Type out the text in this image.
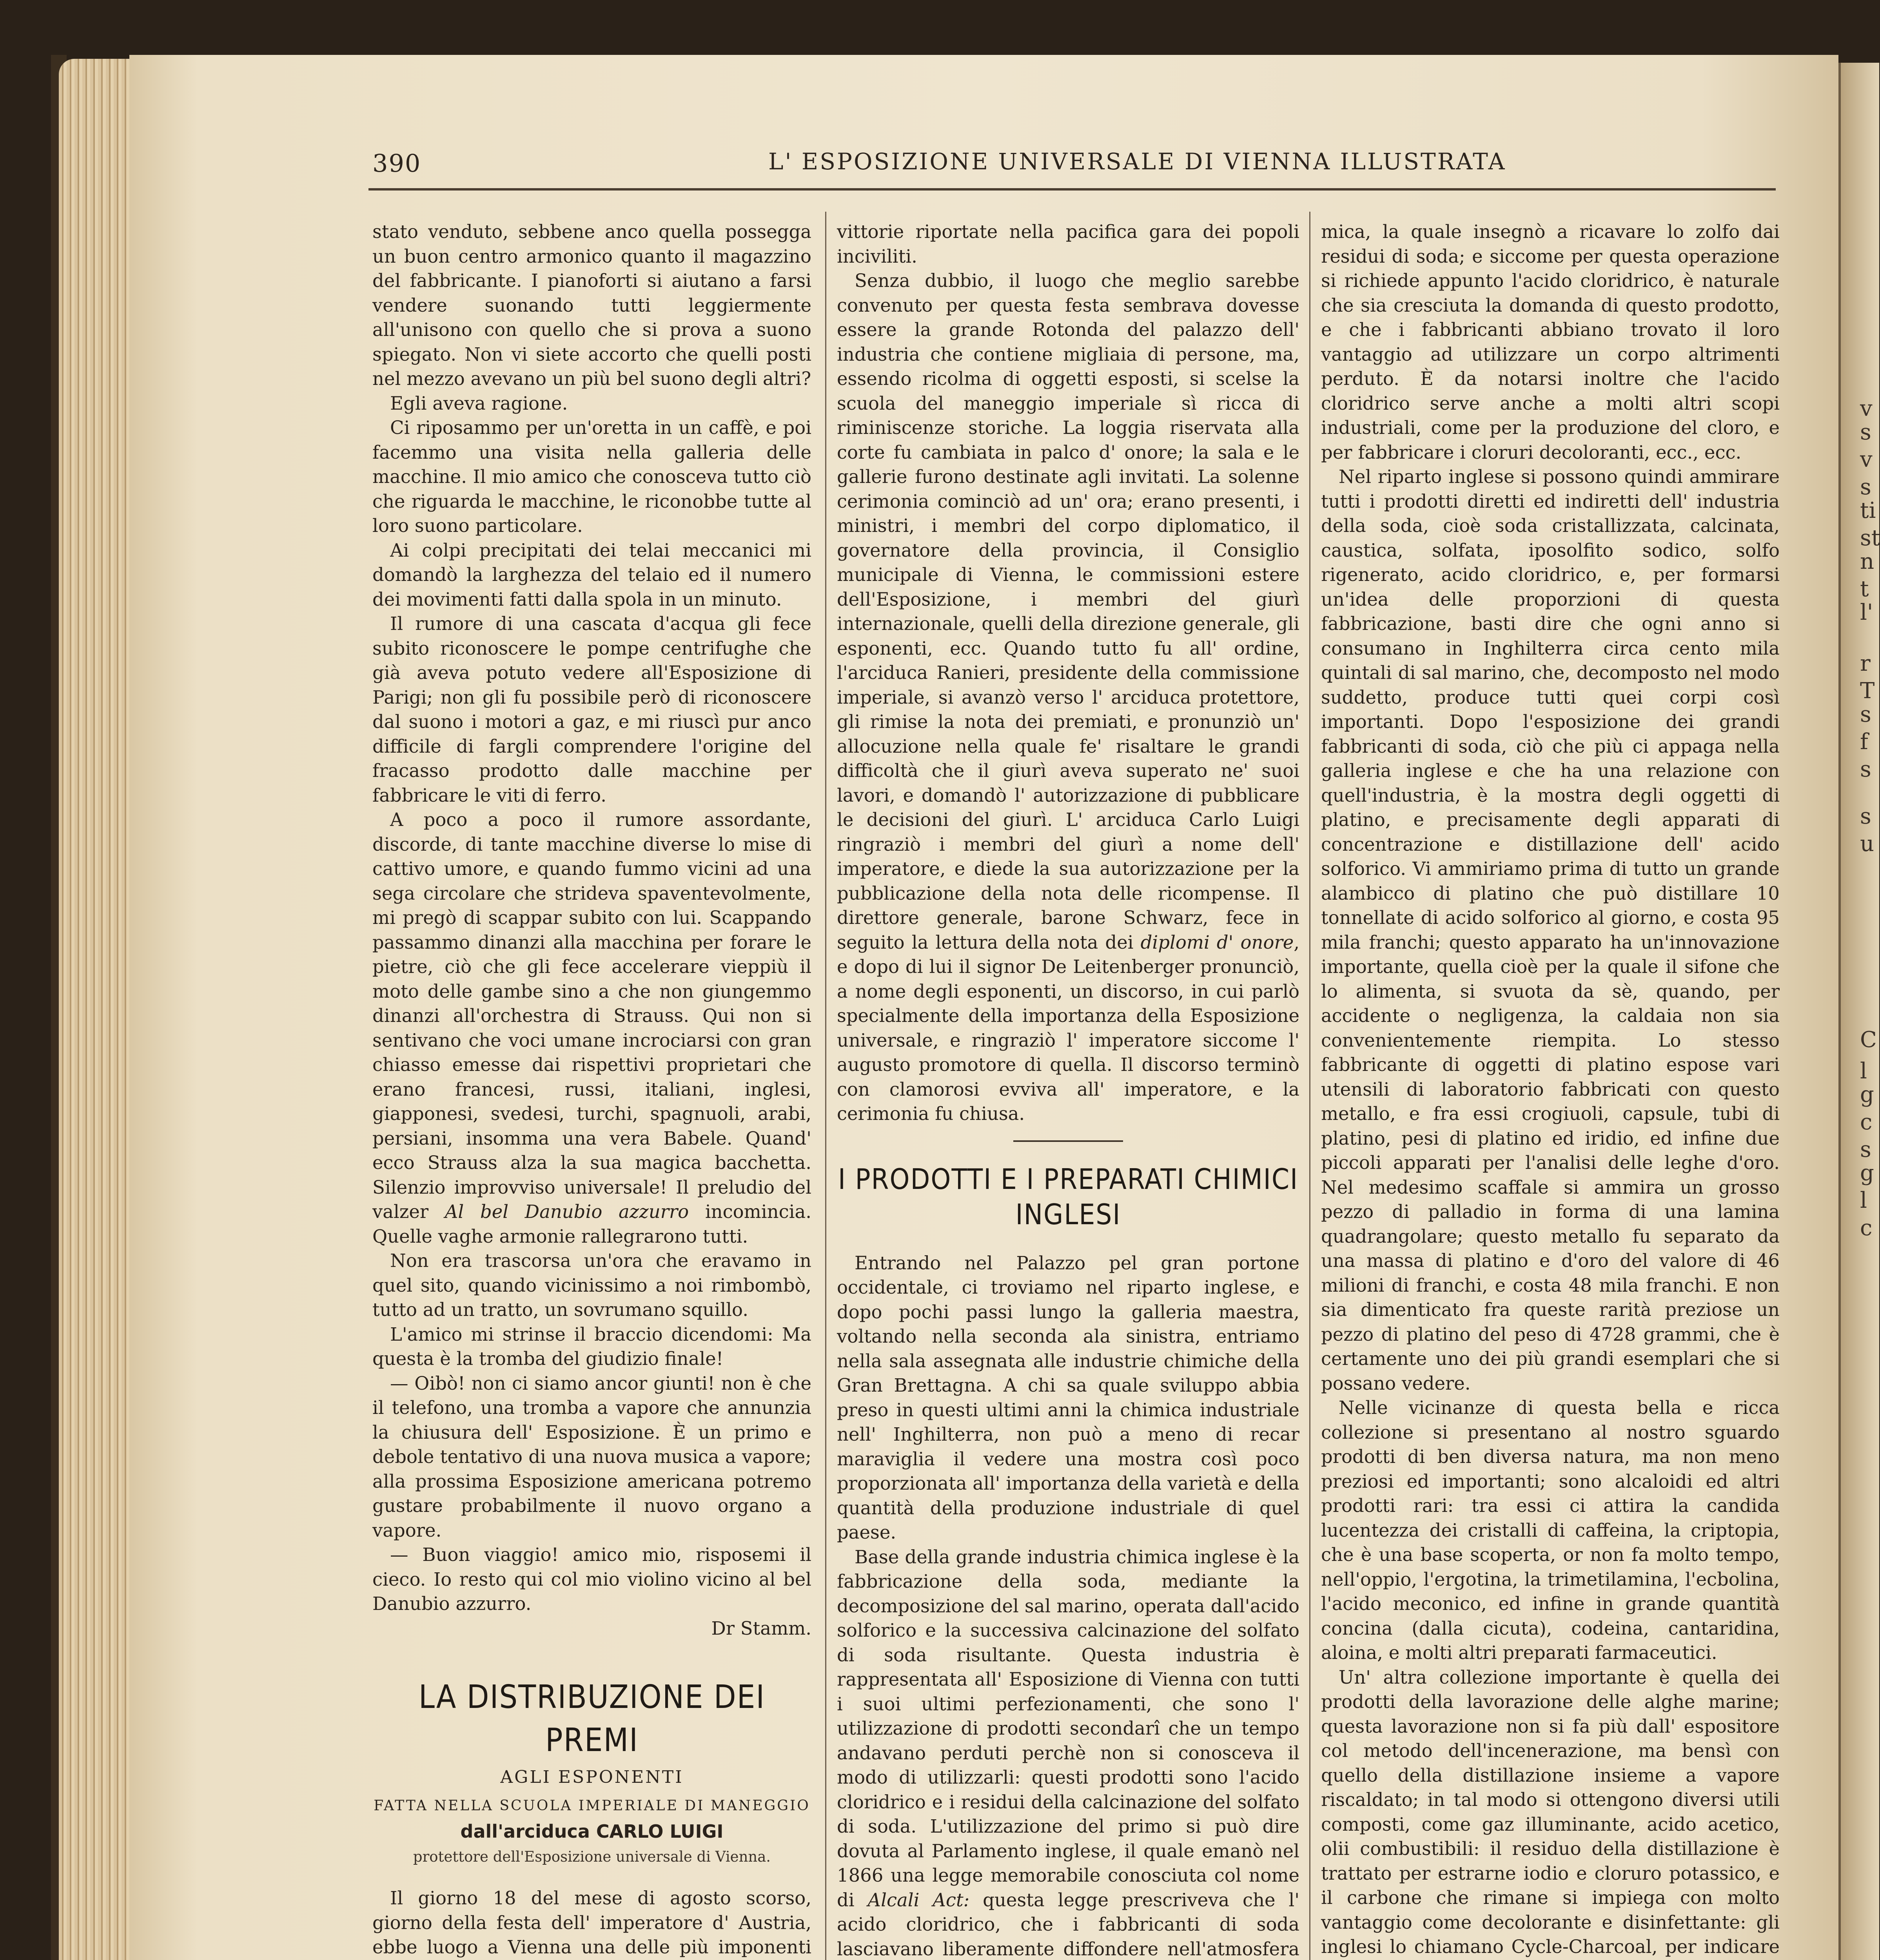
390	L' ESPOSIZIONE UNIVERSALE DI VIENNA ILLUSTRATA

stato venduto, sebbene anco quella possegga un buon centro armonico quanto il magazzino del fabbricante. I pianoforti si aiutano a farsi vendere suonando tutti leggiermente all'unisono con quello che si prova a suono spiegato. Non vi siete accorto che quelli posti nel mezzo avevano un più bel suono degli altri?

Egli aveva ragione.

Ci riposammo per un'oretta in un caffè, e poi facemmo una visita nella galleria delle macchine. Il mio amico che conosceva tutto ciò che riguarda le macchine, le riconobbe tutte al loro suono particolare.

Ai colpi precipitati dei telai meccanici mi domandò la larghezza del telaio ed il numero dei movimenti fatti dalla spola in un minuto.

Il rumore di una cascata d'acqua gli fece subito riconoscere le pompe centrifughe che già aveva potuto vedere all'Esposizione di Parigi; non gli fu possibile però di riconoscere dal suono i motori a gaz, e mi riuscì pur anco difficile di fargli comprendere l'origine del fracasso prodotto dalle macchine per fabbricare le viti di ferro.

A poco a poco il rumore assordante, discorde, di tante macchine diverse lo mise di cattivo umore, e quando fummo vicini ad una sega circolare che strideva spaventevolmente, mi pregò di scappar subito con lui. Scappando passammo dinanzi alla macchina per forare le pietre, ciò che gli fece accelerare vieppiù il moto delle gambe sino a che non giungemmo dinanzi all'orchestra di Strauss. Qui non si sentivano che voci umane incrociarsi con gran chiasso emesse dai rispettivi proprietari che erano francesi, russi, italiani, inglesi, giapponesi, svedesi, turchi, spagnuoli, arabi, persiani, insomma una vera Babele. Quand' ecco Strauss alza la sua magica bacchetta. Silenzio improvviso universale! Il preludio del valzer Al bel Danubio azzurro incomincia. Quelle vaghe armonie rallegrarono tutti.

Non era trascorsa un'ora che eravamo in quel sito, quando vicinissimo a noi rimbombò, tutto ad un tratto, un sovrumano squillo.

L'amico mi strinse il braccio dicendomi: Ma questa è la tromba del giudizio finale!

— Oibò! non ci siamo ancor giunti! non è che il telefono, una tromba a vapore che annunzia la chiusura dell' Esposizione. È un primo e debole tentativo di una nuova musica a vapore; alla prossima Esposizione americana potremo gustare probabilmente il nuovo organo a vapore.

— Buon viaggio! amico mio, risposemi il cieco. Io resto qui col mio violino vicino al bel Danubio azzurro.

Dr Stamm.
LA DISTRIBUZIONE DEI PREMI
AGLI ESPONENTI
FATTA NELLA SCUOLA IMPERIALE DI MANEGGIO
dall'arciduca CARLO LUIGI
protettore dell'Esposizione universale di Vienna.

Il giorno 18 del mese di agosto scorso, giorno della festa dell' imperatore d' Austria, ebbe luogo a Vienna una delle più imponenti

vittorie riportate nella pacifica gara dei popoli inciviliti.

Senza dubbio, il luogo che meglio sarebbe convenuto per questa festa sembrava dovesse essere la grande Rotonda del palazzo dell' industria che contiene migliaia di persone, ma, essendo ricolma di oggetti esposti, si scelse la scuola del maneggio imperiale sì ricca di riminiscenze storiche. La loggia riservata alla corte fu cambiata in palco d' onore; la sala e le gallerie furono destinate agli invitati. La solenne cerimonia cominciò ad un' ora; erano presenti, i ministri, i membri del corpo diplomatico, il governatore della provincia, il Consiglio municipale di Vienna, le commissioni estere dell'Esposizione, i membri del giurì internazionale, quelli della direzione generale, gli esponenti, ecc. Quando tutto fu all' ordine, l'arciduca Ranieri, presidente della commissione imperiale, si avanzò verso l' arciduca protettore, gli rimise la nota dei premiati, e pronunziò un' allocuzione nella quale fe' risaltare le grandi difficoltà che il giurì aveva superato ne' suoi lavori, e domandò l' autorizzazione di pubblicare le decisioni del giurì. L' arciduca Carlo Luigi ringraziò i membri del giurì a nome dell' imperatore, e diede la sua autorizzazione per la pubblicazione della nota delle ricompense. Il direttore generale, barone Schwarz, fece in seguito la lettura della nota dei diplomi d' onore, e dopo di lui il signor De Leitenberger pronunciò, a nome degli esponenti, un discorso, in cui parlò specialmente della importanza della Esposizione universale, e ringraziò l' imperatore siccome l' augusto promotore di quella. Il discorso terminò con clamorosi evviva all' imperatore, e la cerimonia fu chiusa.

I PRODOTTI E I PREPARATI CHIMICI INGLESI

Entrando nel Palazzo pel gran portone occidentale, ci troviamo nel riparto inglese, e dopo pochi passi lungo la galleria maestra, voltando nella seconda ala sinistra, entriamo nella sala assegnata alle industrie chimiche della Gran Brettagna. A chi sa quale sviluppo abbia preso in questi ultimi anni la chimica industriale nell' Inghilterra, non può a meno di recar maraviglia il vedere una mostra così poco proporzionata all' importanza della varietà e della quantità della produzione industriale di quel paese.

Base della grande industria chimica inglese è la fabbricazione della soda, mediante la decomposizione del sal marino, operata dall'acido solforico e la successiva calcinazione del solfato di soda risultante. Questa industria è rappresentata all' Esposizione di Vienna con tutti i suoi ultimi perfezionamenti, che sono l' utilizzazione di prodotti secondarî che un tempo andavano perduti perchè non si conosceva il modo di utilizzarli: questi prodotti sono l'acido cloridrico e i residui della calcinazione del solfato di soda. L'utilizzazione del primo si può dire dovuta al Parlamento inglese, il quale emanò nel 1866 una legge memorabile conosciuta col nome di Alcali Act: questa legge prescriveva che l' acido cloridrico, che i fabbricanti di soda lasciavano liberamente diffondere nell'atmosfera

mica, la quale insegnò a ricavare lo zolfo dai residui di soda; e siccome per questa operazione si richiede appunto l'acido cloridrico, è naturale che sia cresciuta la domanda di questo prodotto, e che i fabbricanti abbiano trovato il loro vantaggio ad utilizzare un corpo altrimenti perduto. È da notarsi inoltre che l'acido cloridrico serve anche a molti altri scopi industriali, come per la produzione del cloro, e per fabbricare i cloruri decoloranti, ecc., ecc.

Nel riparto inglese si possono quindi ammirare tutti i prodotti diretti ed indiretti dell' industria della soda, cioè soda cristallizzata, calcinata, caustica, solfata, iposolfito sodico, solfo rigenerato, acido cloridrico, e, per formarsi un'idea delle proporzioni di questa fabbricazione, basti dire che ogni anno si consumano in Inghilterra circa cento mila quintali di sal marino, che, decomposto nel modo suddetto, produce tutti quei corpi così importanti. Dopo l'esposizione dei grandi fabbricanti di soda, ciò che più ci appaga nella galleria inglese e che ha una relazione con quell'industria, è la mostra degli oggetti di platino, e precisamente degli apparati di concentrazione e distillazione dell' acido solforico. Vi ammiriamo prima di tutto un grande alambicco di platino che può distillare 10 tonnellate di acido solforico al giorno, e costa 95 mila franchi; questo apparato ha un'innovazione importante, quella cioè per la quale il sifone che lo alimenta, si svuota da sè, quando, per accidente o negligenza, la caldaia non sia convenientemente riempita. Lo stesso fabbricante di oggetti di platino espose vari utensili di laboratorio fabbricati con questo metallo, e fra essi crogiuoli, capsule, tubi di platino, pesi di platino ed iridio, ed infine due piccoli apparati per l'analisi delle leghe d'oro. Nel medesimo scaffale si ammira un grosso pezzo di palladio in forma di una lamina quadrangolare; questo metallo fu separato da una massa di platino e d'oro del valore di 46 milioni di franchi, e costa 48 mila franchi. E non sia dimenticato fra queste rarità preziose un pezzo di platino del peso di 4728 grammi, che è certamente uno dei più grandi esemplari che si possano vedere.

Nelle vicinanze di questa bella e ricca collezione si presentano al nostro sguardo prodotti di ben diversa natura, ma non meno preziosi ed importanti; sono alcaloidi ed altri prodotti rari: tra essi ci attira la candida lucentezza dei cristalli di caffeina, la criptopia, che è una base scoperta, or non fa molto tempo, nell'oppio, l'ergotina, la trimetilamina, l'ecbolina, l'acido meconico, ed infine in grande quantità concina (dalla cicuta), codeina, cantaridina, aloina, e molti altri preparati farmaceutici.

Un' altra collezione importante è quella dei prodotti della lavorazione delle alghe marine; questa lavorazione non si fa più dall' espositore col metodo dell'incenerazione, ma bensì con quello della distillazione insieme a vapore riscaldato; in tal modo si ottengono diversi utili composti, come gaz illuminante, acido acetico, olii combustibili: il residuo della distillazione è trattato per estrarne iodio e cloruro potassico, e il carbone che rimane si impiega con molto vantaggio come decolorante e disinfettante: gli inglesi lo chiamano Cycle-Charcoal, per indicare

v
s
v
s
ti
st
n
t
l'
r
T
s
f
s
s
u
C
l
g
c
s
g
l
c
